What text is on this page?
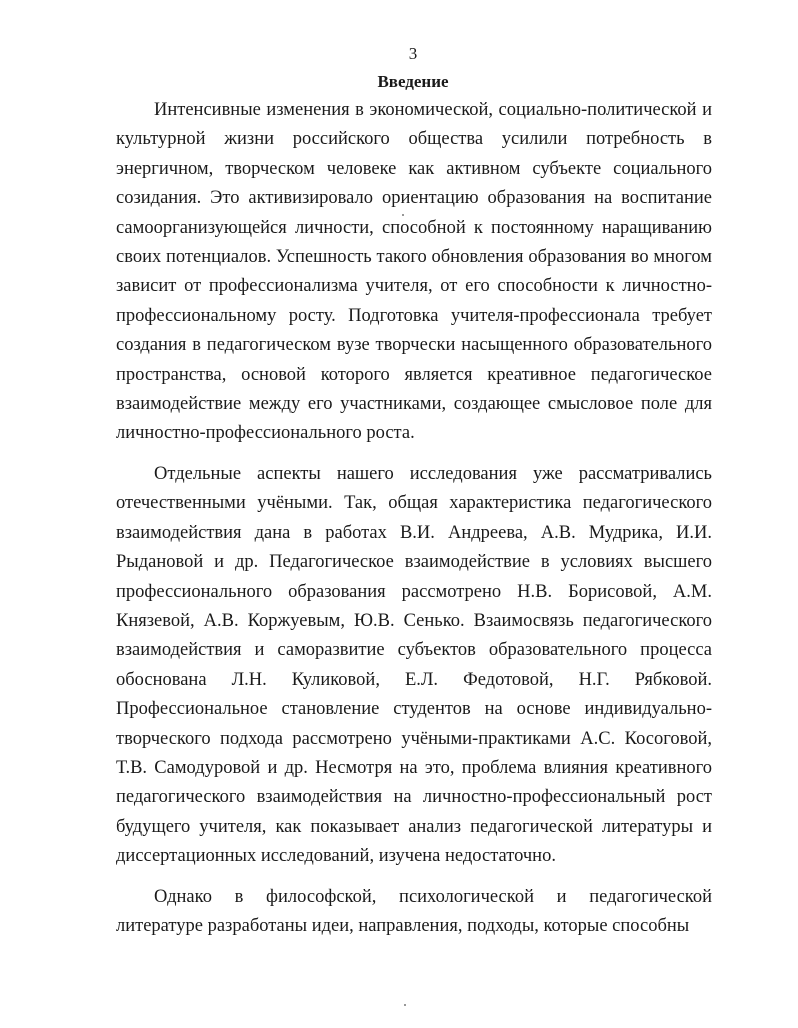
3
Введение

Интенсивные изменения в экономической, социально-политической и культурной жизни российского общества усилили потребность в энергичном, творческом человеке как активном субъекте социального созидания. Это активизировало ориентацию образования на воспитание самоорганизующейся личности, способной к постоянному наращиванию своих потенциалов. Успешность такого обновления образования во многом зависит от профессионализма учителя, от его способности к личностно-профессиональному росту. Подготовка учителя-профессионала требует создания в педагогическом вузе творчески насыщенного образовательного пространства, основой которого является креативное педагогическое взаимодействие между его участниками, создающее смысловое поле для личностно-профессионального роста.

Отдельные аспекты нашего исследования уже рассматривались отечественными учёными. Так, общая характеристика педагогического взаимодействия дана в работах В.И. Андреева, А.В. Мудрика, И.И. Рыдановой и др. Педагогическое взаимодействие в условиях высшего профессионального образования рассмотрено Н.В. Борисовой, А.М. Князевой, А.В. Коржуевым, Ю.В. Сенько. Взаимосвязь педагогического взаимодействия и саморазвитие субъектов образовательного процесса обоснована Л.Н. Куликовой, Е.Л. Федотовой, Н.Г. Рябковой. Профессиональное становление студентов на основе индивидуально-творческого подхода рассмотрено учёными-практиками А.С. Косоговой, Т.В. Самодуровой и др. Несмотря на это, проблема влияния креативного педагогического взаимодействия на личностно-профессиональный рост будущего учителя, как показывает анализ педагогической литературы и диссертационных исследований, изучена недостаточно.

Однако в философской, психологической и педагогической литературе разработаны идеи, направления, подходы, которые способны
